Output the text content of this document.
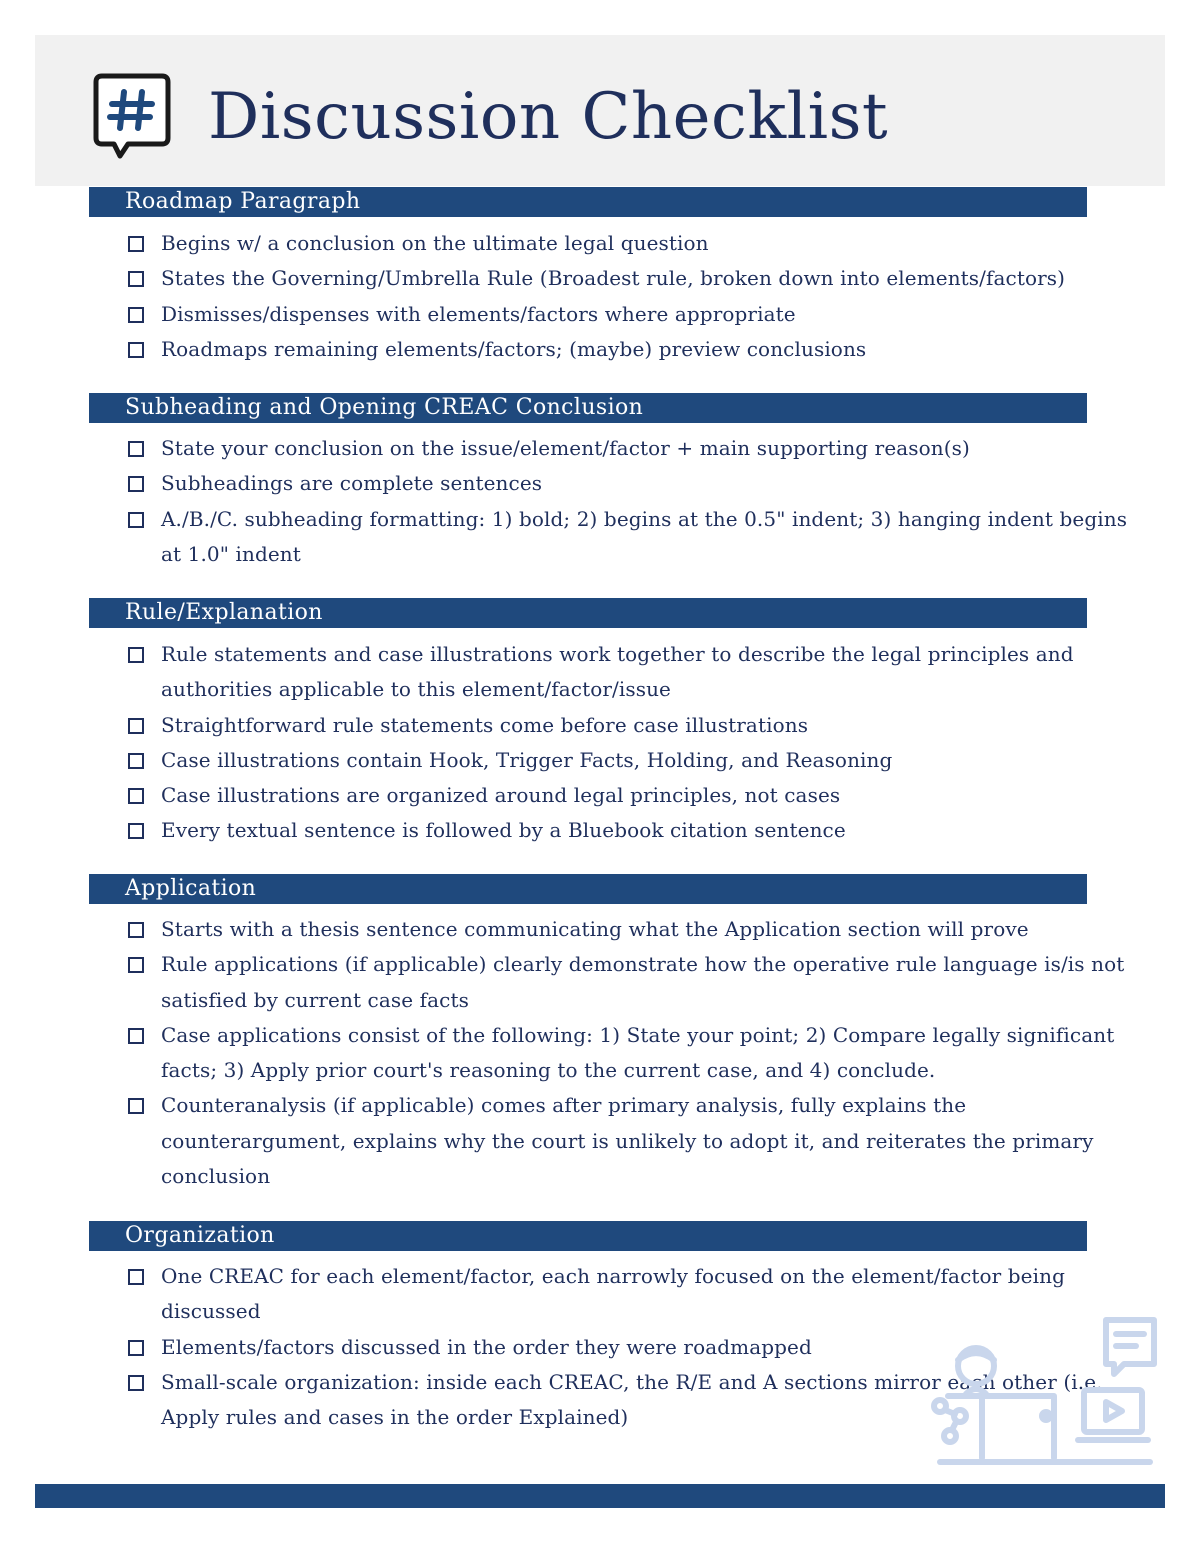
Discussion Checklist
Roadmap Paragraph
Begins w/ a conclusion on the ultimate legal question
States the Governing/Umbrella Rule (Broadest rule, broken down into elements/factors)
Dismisses/dispenses with elements/factors where appropriate
Roadmaps remaining elements/factors; (maybe) preview conclusions
Subheading and Opening CREAC Conclusion
State your conclusion on the issue/element/factor + main supporting reason(s)
Subheadings are complete sentences
A./B./C. subheading formatting: 1) bold; 2) begins at the 0.5" indent; 3) hanging indent begins at 1.0" indent
Rule/Explanation
Rule statements and case illustrations work together to describe the legal principles and authorities applicable to this element/factor/issue
Straightforward rule statements come before case illustrations
Case illustrations contain Hook, Trigger Facts, Holding, and Reasoning
Case illustrations are organized around legal principles, not cases
Every textual sentence is followed by a Bluebook citation sentence
Application
Starts with a thesis sentence communicating what the Application section will prove
Rule applications (if applicable) clearly demonstrate how the operative rule language is/is not satisfied by current case facts
Case applications consist of the following: 1) State your point; 2) Compare legally significant facts; 3) Apply prior court's reasoning to the current case, and 4) conclude.
Counteranalysis (if applicable) comes after primary analysis, fully explains the counterargument, explains why the court is unlikely to adopt it, and reiterates the primary conclusion
Organization
One CREAC for each element/factor, each narrowly focused on the element/factor being discussed
Elements/factors discussed in the order they were roadmapped
Small-scale organization: inside each CREAC, the R/E and A sections mirror each other (i.e., Apply rules and cases in the order Explained)
